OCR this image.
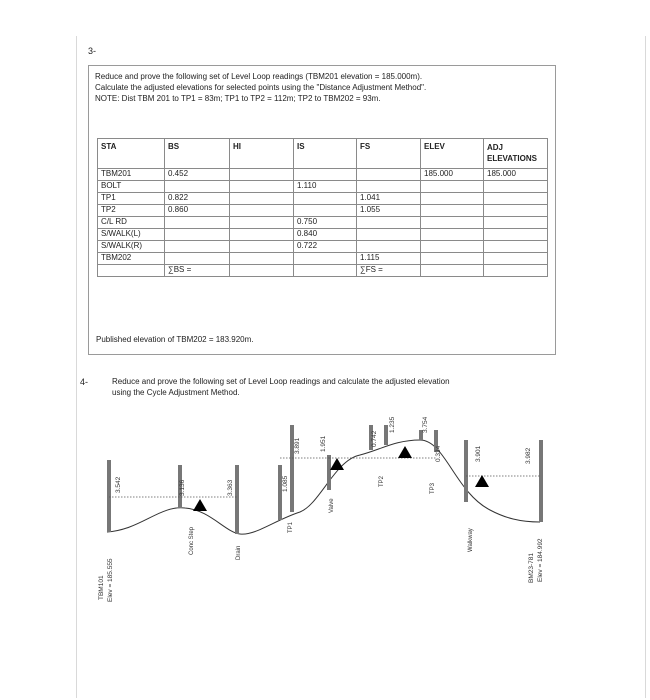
3-
Reduce and prove the following set of Level Loop readings (TBM201 elevation = 185.000m).
Calculate the adjusted elevations for selected points using the "Distance Adjustment Method".
NOTE: Dist TBM 201 to TP1 = 83m; TP1 to TP2 = 112m; TP2 to TBM202 = 93m.
STA	BS	HI	IS	FS	ELEV	ADJ
ELEVATIONS
TBM201	0.452				185.000	185.000
BOLT			1.110			
TP1	0.822			1.041		
TP2	0.860			1.055		
C/L RD			0.750			
S/WALK(L)			0.840			
S/WALK(R)			0.722			
TBM202				1.115		
	∑BS =			∑FS =		
Published elevation of TBM202 = 183.920m.
4-	Reduce and prove the following set of Level Loop readings and calculate the adjusted elevation
using the Cycle Adjustment Method.
3.542	3.136	3.363	1.085
3.891	1.951	0.742
1.235	3.754
0.324	3.901	3.982
Conc Step	Drain
TP1
Valve
TP2
TP3
Walkway
TBM101 Elev = 185.555	BM23-781 Elev = 184.992
